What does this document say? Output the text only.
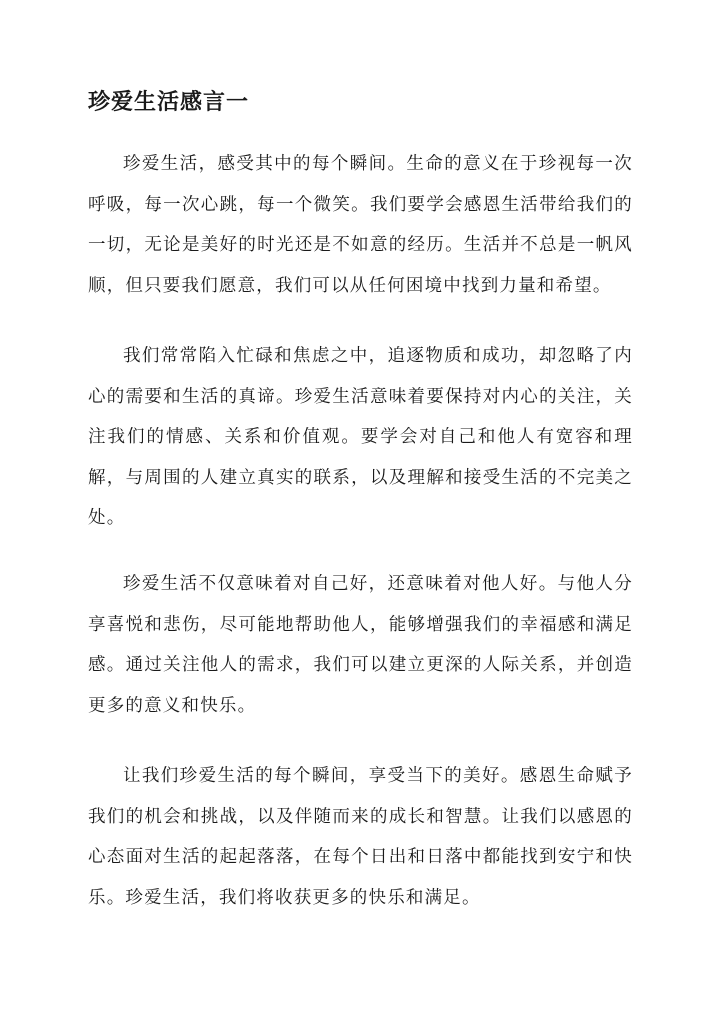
珍爱生活感言一

珍爱生活，感受其中的每个瞬间。生命的意义在于珍视每一次呼吸，每一次心跳，每一个微笑。我们要学会感恩生活带给我们的一切，无论是美好的时光还是不如意的经历。生活并不总是一帆风顺，但只要我们愿意，我们可以从任何困境中找到力量和希望。

我们常常陷入忙碌和焦虑之中，追逐物质和成功，却忽略了内心的需要和生活的真谛。珍爱生活意味着要保持对内心的关注，关注我们的情感、关系和价值观。要学会对自己和他人有宽容和理解，与周围的人建立真实的联系，以及理解和接受生活的不完美之处。

珍爱生活不仅意味着对自己好，还意味着对他人好。与他人分享喜悦和悲伤，尽可能地帮助他人，能够增强我们的幸福感和满足感。通过关注他人的需求，我们可以建立更深的人际关系，并创造更多的意义和快乐。

让我们珍爱生活的每个瞬间，享受当下的美好。感恩生命赋予我们的机会和挑战，以及伴随而来的成长和智慧。让我们以感恩的心态面对生活的起起落落，在每个日出和日落中都能找到安宁和快乐。珍爱生活，我们将收获更多的快乐和满足。
